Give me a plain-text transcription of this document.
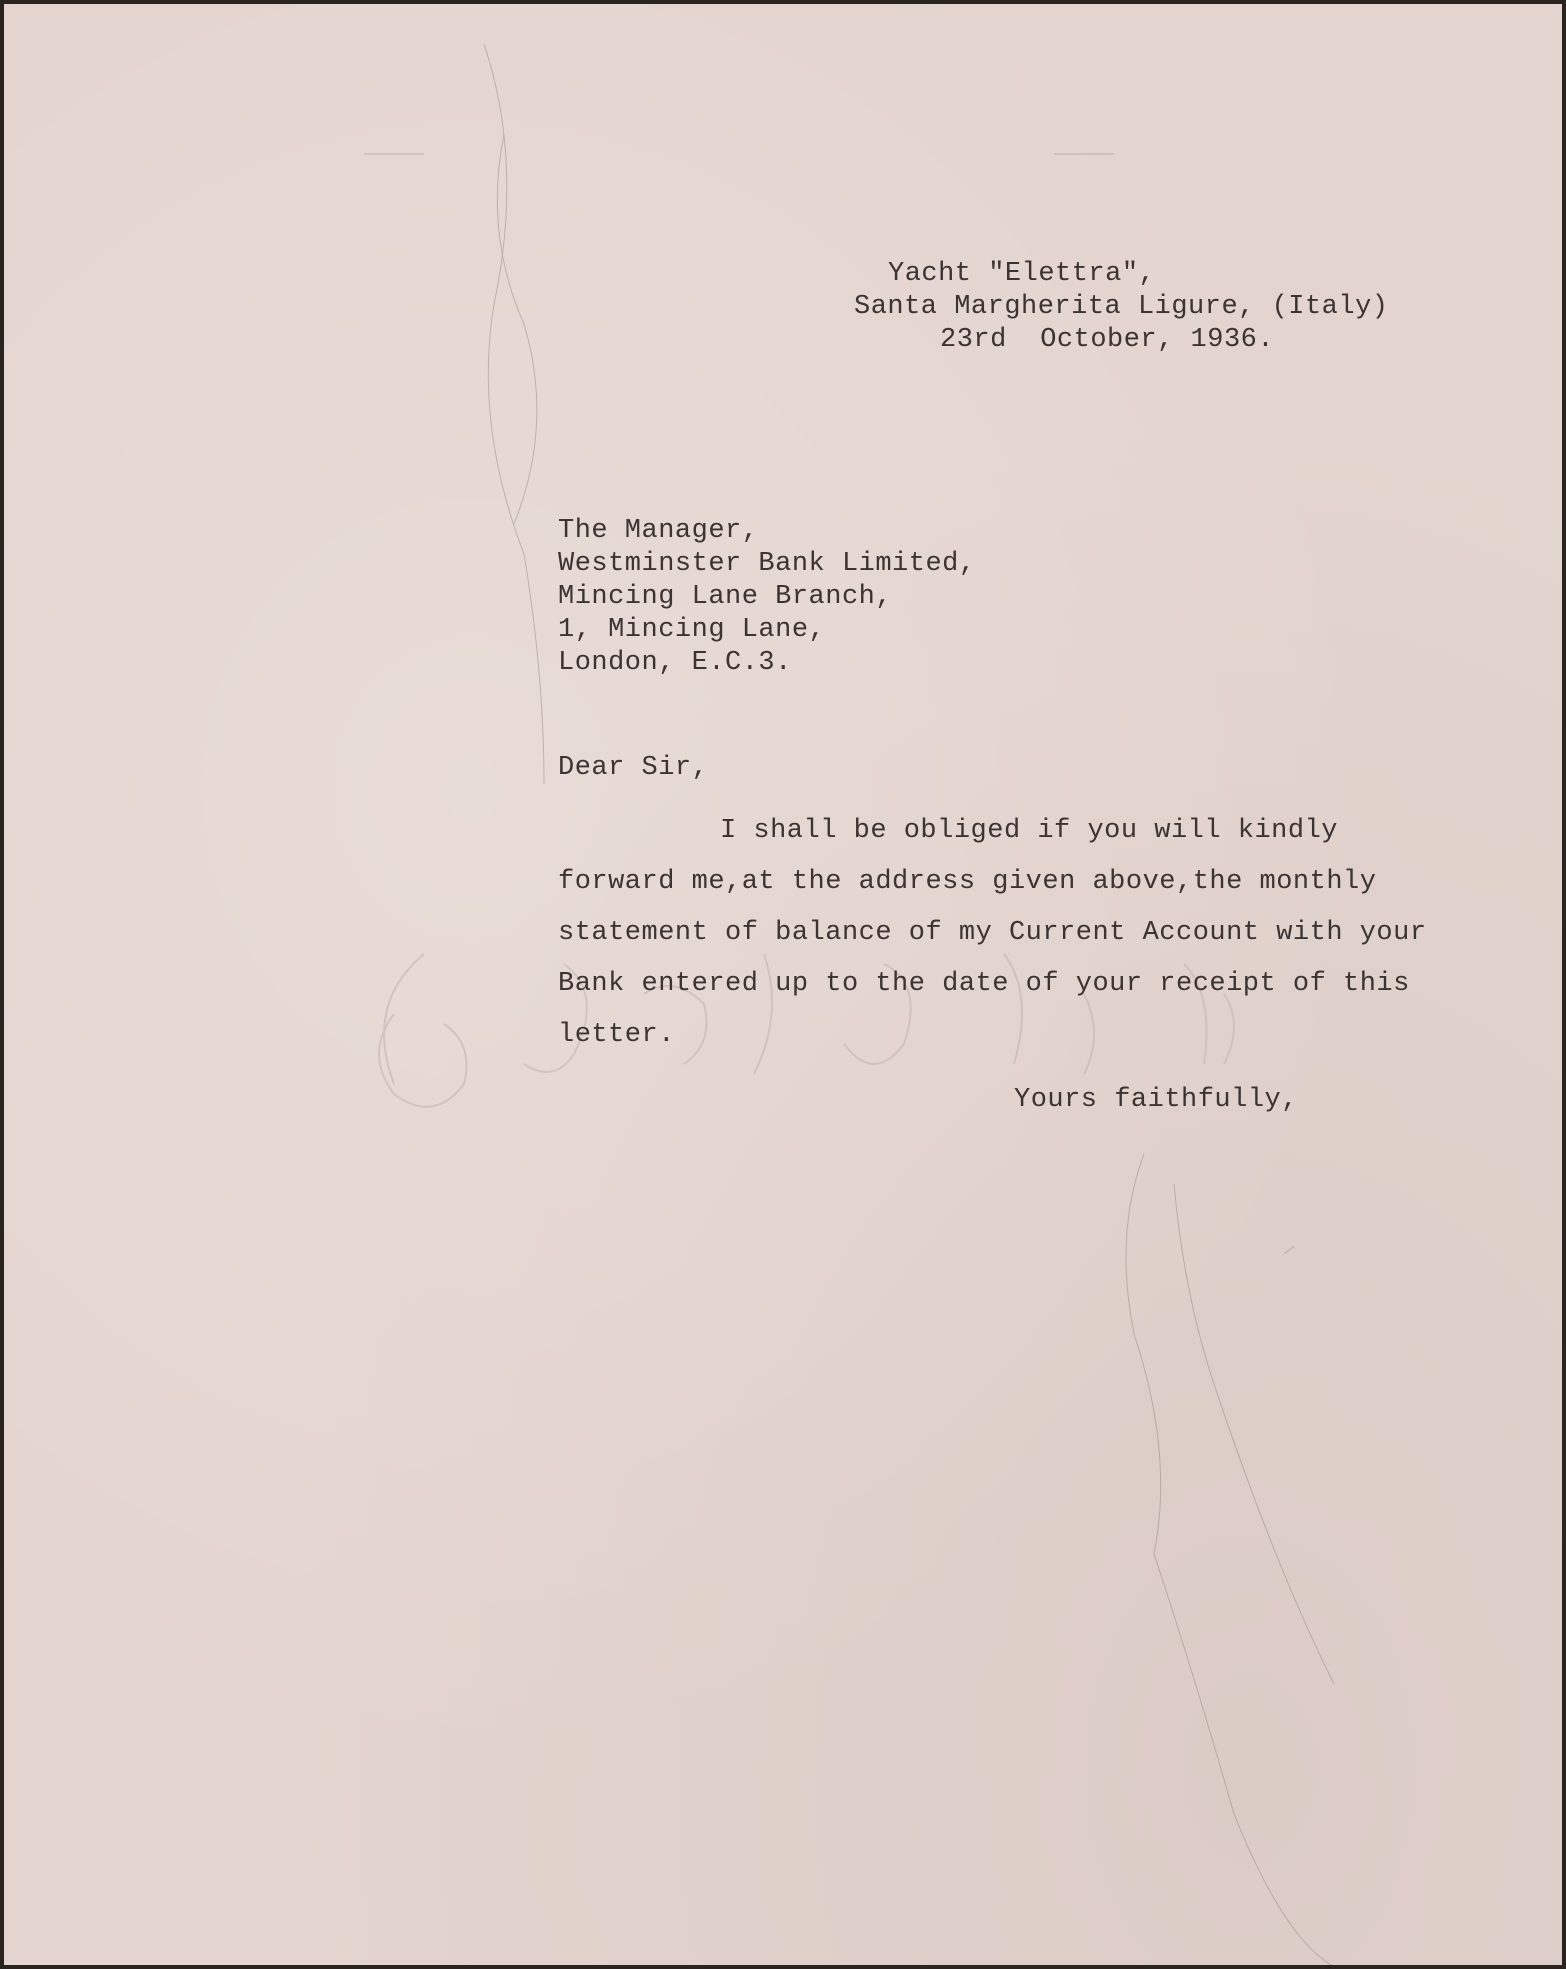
Yacht "Elettra",

Santa Margherita Ligure, (Italy)

23rd  October, 1936.

The Manager,

Westminster Bank Limited,

Mincing Lane Branch,

1, Mincing Lane,

London, E.C.3.

Dear Sir,

I shall be obliged if you will kindly

forward me,at the address given above,the monthly

statement of balance of my Current Account with your

Bank entered up to the date of your receipt of this

letter.

Yours faithfully,
